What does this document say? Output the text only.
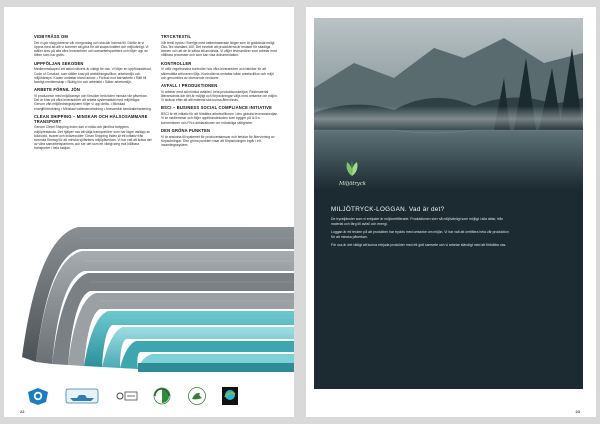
VIDBYRÅSS OM

Det vi gör idag planerar vår morgondag och ska där hamna till. Därför är vi öppna med att allt vi kommer att göra för att skapa kvalitet och miljövänligt. Vi ställer krav på alla våra leverantörer och samarbetspartners och följer upp de löften som har givits.

UPPFÖLJAN SEKODEN

Medlemmskapet i ett aktivt nätverk är viktigt för oss. Vi följer en uppförandekod, Code of Conduct, som ställer krav på anställningsvillkor, arbetsmiljö och miljöhänsyn. Koden omfattar bland annat: • Förbud mot barnarbete • Rätt till fackligt medlemskap • Skälig lön och arbetstid • Säker arbetsmiljö.

ARBETE FÖRNIL JÖN

Vi producerar med miljöhänsyn och försöker hela tiden minska vår påverkan. Det är krav på våra leverantörer att arbeta systematiskt med miljöfrågor. Genom vårt miljöledningssystem följer vi upp detta. • Minskad energiförbrukning • Minskad vattenanvändning • Ansvarsfull kemikaliehantering.

CLEAN SHIPPING – MINSKAR OCH HÄLSOSAMMARE TRANSPORT

Genom Clean Shipping Index kan vi mäta och jämföra fartygens miljöprestanda. Det hjälper oss att välja transportörer som har lägre utsläpp av koldioxid, svavel och kväveoxider. Clean Shipping Index är ett initiativ från svenska företag för att minska sjöfartens miljöpåverkan. Vi har valt att kräva det av våra samarbetspartners och ser det som ett viktigt steg mot hållbara transporter i hela kedjan.

TRYCKTEXTIL

Vår textil trycks i Sverige med vattenbaserade färger som är godkända enligt Öko-Tex standard 100. Det innebär att produkterna är testade för skadliga ämnen och att de är säkra att använda. Vi väljer leverantörer som arbetar med hållbara processer och som kan visa dokumentation.

KONTROLLER

Vi utför regelbundna kontroller hos våra leverantörer och fabriker för att säkerställa att kraven följs. Kontrollerna omfattar både arbetsvillkor och miljö och genomförs av oberoende revisorer.

AVFALL I PRODUKTIONEN

Vi arbetar med att minska avfallet i hela produktionskedjan. Restmaterial återanvänds där det är möjligt och förpackningar väljs med omtanke om miljön. Vi strävar efter att allt material ska kunna återvinnas.

BSCI – BUSINESS SOCIAL COMPLIANCE INITIATIVE

BSCI är ett initiativ för att förbättra arbetsvillkoren i den globala leveranskedjan. Vi är medlemmar och följer uppförandekoden som bygger på ILO:s konventioner och FN:s deklarationer om mänskliga rättigheter.

DEN GRÖNA PUNKTEN

Vi är anslutna till systemet för producentansvar och betalar för återvinning av förpackningar. Den gröna punkten visar att förpackningen ingår i ett insamlingssystem.

22
Miljötryck
MILJÖTRYCK-LOGGAN. Vad är det?

De trycktjänster som vi erbjuder är miljöcertifierade. Produktionen sker så miljövänligt som möjligt i alla delar, från material och färg till avfall och energi.

Loggan är ett tecken på att produkten har tryckts med omtanke om miljön. Vi har valt att certifiera hela vår produktion för att minska påverkan.

För oss är det viktigt att kunna erbjuda produkter med ett gott samvete och vi arbetar ständigt med att förbättra oss.

23
